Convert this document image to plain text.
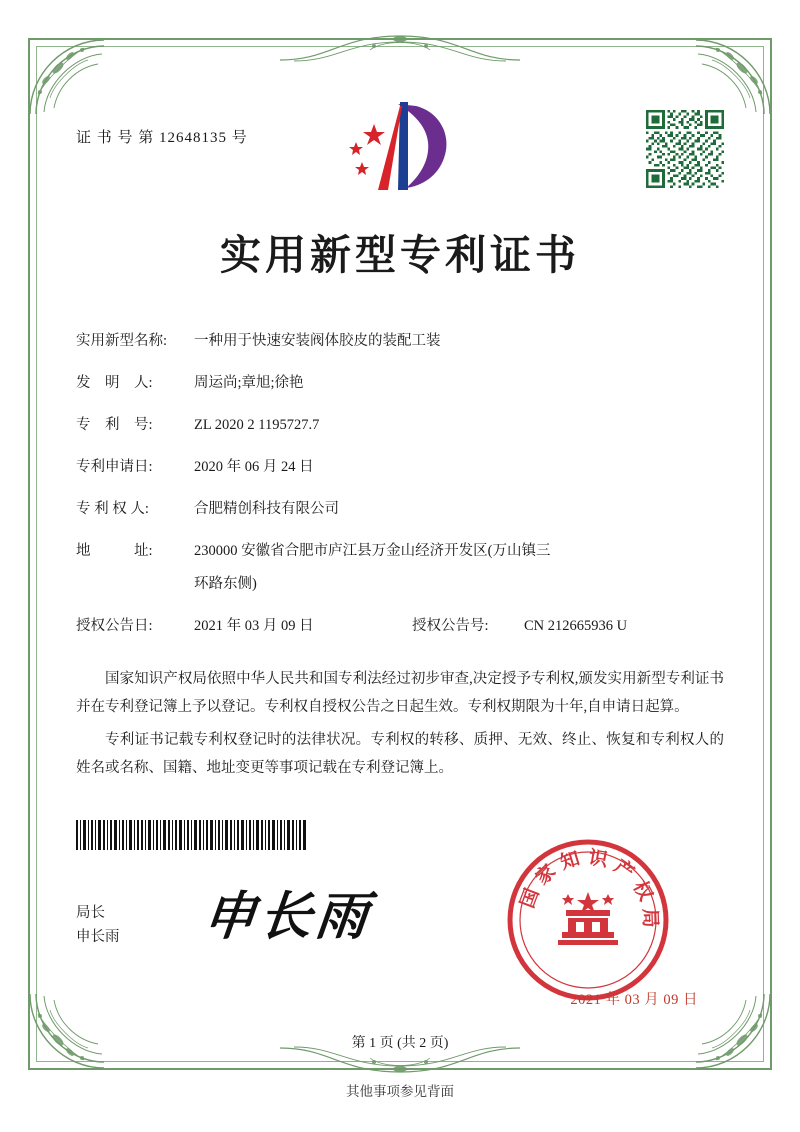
证 书 号 第 12648135 号
实用新型专利证书
实用新型名称:	一种用于快速安装阀体胶皮的装配工装
发　明　人:	周运尚;章旭;徐艳
专　利　号:	ZL 2020 2 1195727.7
专利申请日:	2020 年 06 月 24 日
专 利 权 人:	合肥精创科技有限公司
地　　　址:	230000 安徽省合肥市庐江县万金山经济开发区(万山镇三
环路东侧)
授权公告日:	2021 年 03 月 09 日	授权公告号:	CN 212665936 U

国家知识产权局依照中华人民共和国专利法经过初步审查,决定授予专利权,颁发实用新型专利证书并在专利登记簿上予以登记。专利权自授权公告之日起生效。专利权期限为十年,自申请日起算。

专利证书记载专利权登记时的法律状况。专利权的转移、质押、无效、终止、恢复和专利权人的姓名或名称、国籍、地址变更等事项记载在专利登记簿上。

局长
申长雨 申长雨	国 家 知 识 产 权 局
2021 年 03 月 09 日
第 1 页 (共 2 页)
其他事项参见背面
